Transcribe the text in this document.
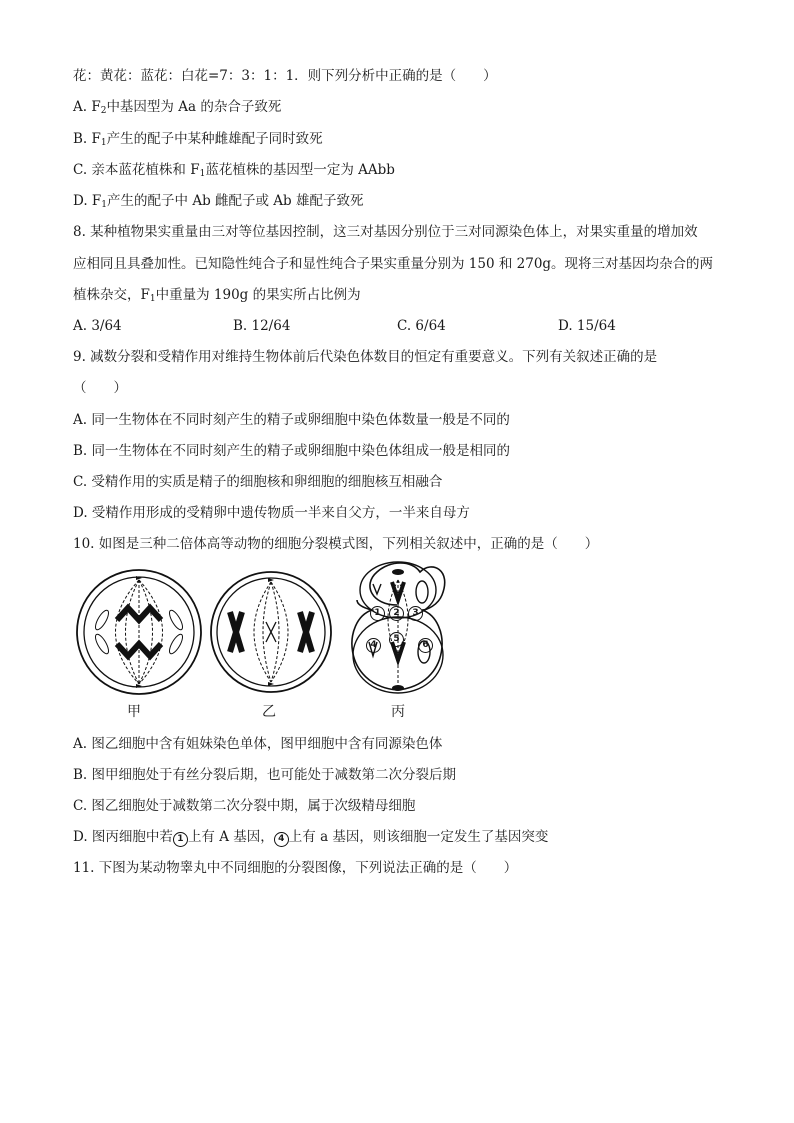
花：黄花：蓝花：白花=7：3：1：1．则下列分析中正确的是（　　）
A. $F_2$中基因型为 Aa 的杂合子致死
B. $F_1$产生的配子中某种雌雄配子同时致死
C. 亲本蓝花植株和 $F_1$蓝花植株的基因型一定为 AAbb
D. $F_1$产生的配子中 Ab 雌配子或 Ab 雄配子致死
8. 某种植物果实重量由三对等位基因控制，这三对基因分别位于三对同源染色体上，对果实重量的增加效
应相同且具叠加性。已知隐性纯合子和显性纯合子果实重量分别为 150 和 270g。现将三对基因均杂合的两
植株杂交，$F_1$中重量为 190g 的果实所占比例为
A. 3/64	B. 12/64	C. 6/64	D. 15/64
9. 减数分裂和受精作用对维持生物体前后代染色体数目的恒定有重要意义。下列有关叙述正确的是
（　　）
A. 同一生物体在不同时刻产生的精子或卵细胞中染色体数量一般是不同的
B. 同一生物体在不同时刻产生的精子或卵细胞中染色体组成一般是相同的
C. 受精作用的实质是精子的细胞核和卵细胞的细胞核互相融合
D. 受精作用形成的受精卵中遗传物质一半来自父方，一半来自母方
10. 如图是三种二倍体高等动物的细胞分裂模式图，下列相关叙述中，正确的是（　　）
1	2	3
4
5
6
甲	乙	丙
A. 图乙细胞中含有姐妹染色单体，图甲细胞中含有同源染色体
B. 图甲细胞处于有丝分裂后期，也可能处于减数第二次分裂后期
C. 图乙细胞处于减数第二次分裂中期，属于次级精母细胞
D. 图丙细胞中若 1 上有 A 基因， 4 上有 a 基因，则该细胞一定发生了基因突变
11. 下图为某动物睾丸中不同细胞的分裂图像，下列说法正确的是（　　）
